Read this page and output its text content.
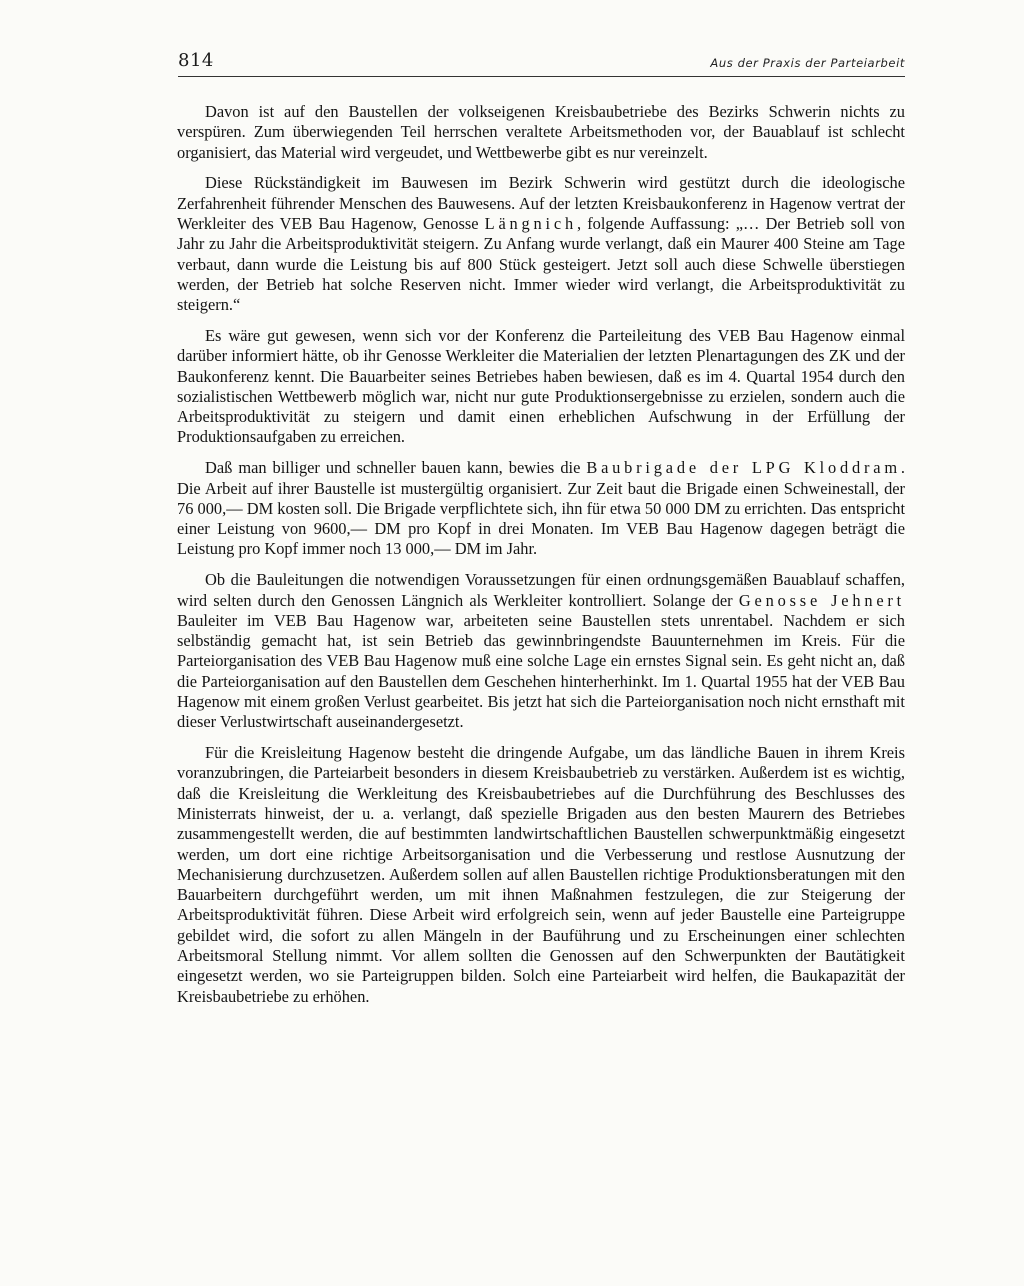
814	Aus der Praxis der Parteiarbeit

Davon ist auf den Baustellen der volkseigenen Kreisbaubetriebe des Bezirks Schwerin nichts zu verspüren. Zum überwiegenden Teil herrschen veraltete Arbeitsmethoden vor, der Bauablauf ist schlecht organisiert, das Material wird vergeudet, und Wettbewerbe gibt es nur vereinzelt.

Diese Rückständigkeit im Bauwesen im Bezirk Schwerin wird gestützt durch die ideologische Zerfahrenheit führender Menschen des Bauwesens. Auf der letzten Kreisbaukonferenz in Hagenow vertrat der Werkleiter des VEB Bau Hagenow, Genosse Längnich, folgende Auffassung: „… Der Betrieb soll von Jahr zu Jahr die Arbeitsproduktivität steigern. Zu Anfang wurde verlangt, daß ein Maurer 400 Steine am Tage verbaut, dann wurde die Leistung bis auf 800 Stück gesteigert. Jetzt soll auch diese Schwelle überstiegen werden, der Betrieb hat solche Reserven nicht. Immer wieder wird verlangt, die Arbeitsproduktivität zu steigern.“

Es wäre gut gewesen, wenn sich vor der Konferenz die Parteileitung des VEB Bau Hagenow einmal darüber informiert hätte, ob ihr Genosse Werkleiter die Materialien der letzten Plenartagungen des ZK und der Baukonferenz kennt. Die Bauarbeiter seines Betriebes haben bewiesen, daß es im 4. Quartal 1954 durch den sozialistischen Wettbewerb möglich war, nicht nur gute Produktionsergebnisse zu erzielen, sondern auch die Arbeitsproduktivität zu steigern und damit einen erheblichen Aufschwung in der Erfüllung der Produktionsaufgaben zu erreichen.

Daß man billiger und schneller bauen kann, bewies die Baubrigade der LPG Kloddram. Die Arbeit auf ihrer Baustelle ist mustergültig organisiert. Zur Zeit baut die Brigade einen Schweinestall, der 76 000,— DM kosten soll. Die Brigade verpflichtete sich, ihn für etwa 50 000 DM zu errichten. Das entspricht einer Leistung von 9600,— DM pro Kopf in drei Monaten. Im VEB Bau Hagenow dagegen beträgt die Leistung pro Kopf immer noch 13 000,— DM im Jahr.

Ob die Bauleitungen die notwendigen Voraussetzungen für einen ordnungsgemäßen Bauablauf schaffen, wird selten durch den Genossen Längnich als Werkleiter kontrolliert. Solange der Genosse Jehnert Bauleiter im VEB Bau Hagenow war, arbeiteten seine Baustellen stets unrentabel. Nachdem er sich selbständig gemacht hat, ist sein Betrieb das gewinnbringendste Bauunternehmen im Kreis. Für die Parteiorganisation des VEB Bau Hagenow muß eine solche Lage ein ernstes Signal sein. Es geht nicht an, daß die Parteiorganisation auf den Baustellen dem Geschehen hinterherhinkt. Im 1. Quartal 1955 hat der VEB Bau Hagenow mit einem großen Verlust gearbeitet. Bis jetzt hat sich die Parteiorganisation noch nicht ernsthaft mit dieser Verlustwirtschaft auseinandergesetzt.

Für die Kreisleitung Hagenow besteht die dringende Aufgabe, um das ländliche Bauen in ihrem Kreis voranzubringen, die Parteiarbeit besonders in diesem Kreisbaubetrieb zu verstärken. Außerdem ist es wichtig, daß die Kreisleitung die Werkleitung des Kreisbaubetriebes auf die Durchführung des Beschlusses des Ministerrats hinweist, der u. a. verlangt, daß spezielle Brigaden aus den besten Maurern des Betriebes zusammengestellt werden, die auf bestimmten landwirtschaftlichen Baustellen schwerpunktmäßig eingesetzt werden, um dort eine richtige Arbeitsorganisation und die Verbesserung und restlose Ausnutzung der Mechanisierung durchzusetzen. Außerdem sollen auf allen Baustellen richtige Produktionsberatungen mit den Bauarbeitern durchgeführt werden, um mit ihnen Maßnahmen festzulegen, die zur Steigerung der Arbeitsproduktivität führen. Diese Arbeit wird erfolgreich sein, wenn auf jeder Baustelle eine Parteigruppe gebildet wird, die sofort zu allen Mängeln in der Bauführung und zu Erscheinungen einer schlechten Arbeitsmoral Stellung nimmt. Vor allem sollten die Genossen auf den Schwerpunkten der Bautätigkeit eingesetzt werden, wo sie Parteigruppen bilden. Solch eine Parteiarbeit wird helfen, die Baukapazität der Kreisbaubetriebe zu erhöhen.
